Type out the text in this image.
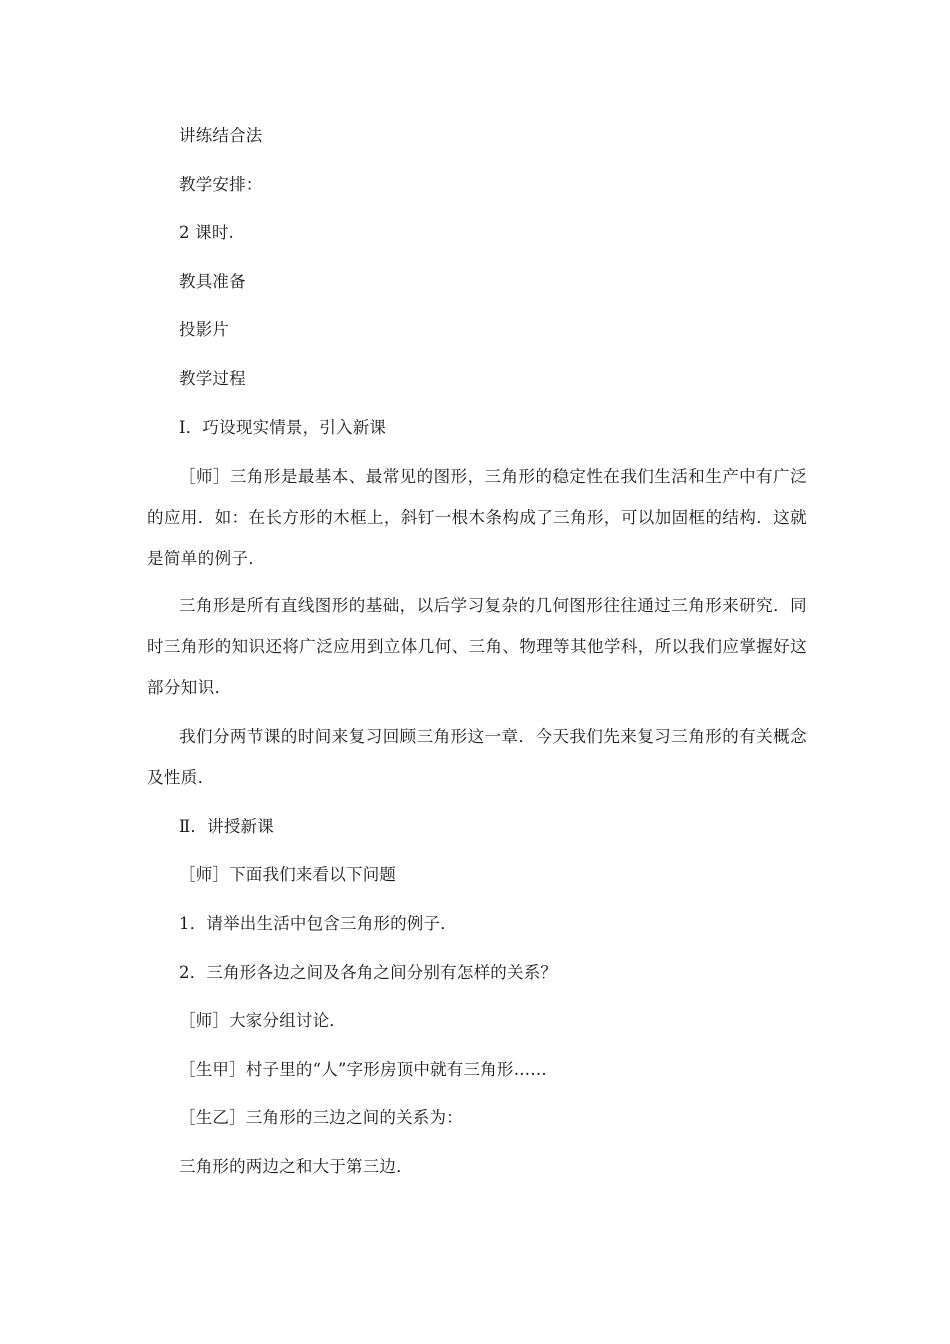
讲练结合法
教学安排：
2 课时.
教具准备
投影片
教学过程
Ⅰ．巧设现实情景，引入新课
［师］三角形是最基本、最常见的图形，三角形的稳定性在我们生活和生产中有广泛的应用．如：在长方形的木框上，斜钉一根木条构成了三角形，可以加固框的结构．这就是简单的例子．
三角形是所有直线图形的基础，以后学习复杂的几何图形往往通过三角形来研究．同时三角形的知识还将广泛应用到立体几何、三角、物理等其他学科，所以我们应掌握好这部分知识．
我们分两节课的时间来复习回顾三角形这一章．今天我们先来复习三角形的有关概念及性质．
Ⅱ．讲授新课
［师］下面我们来看以下问题
1．请举出生活中包含三角形的例子．
2．三角形各边之间及各角之间分别有怎样的关系？
［师］大家分组讨论．
［生甲］村子里的“人”字形房顶中就有三角形……
［生乙］三角形的三边之间的关系为：
三角形的两边之和大于第三边．
